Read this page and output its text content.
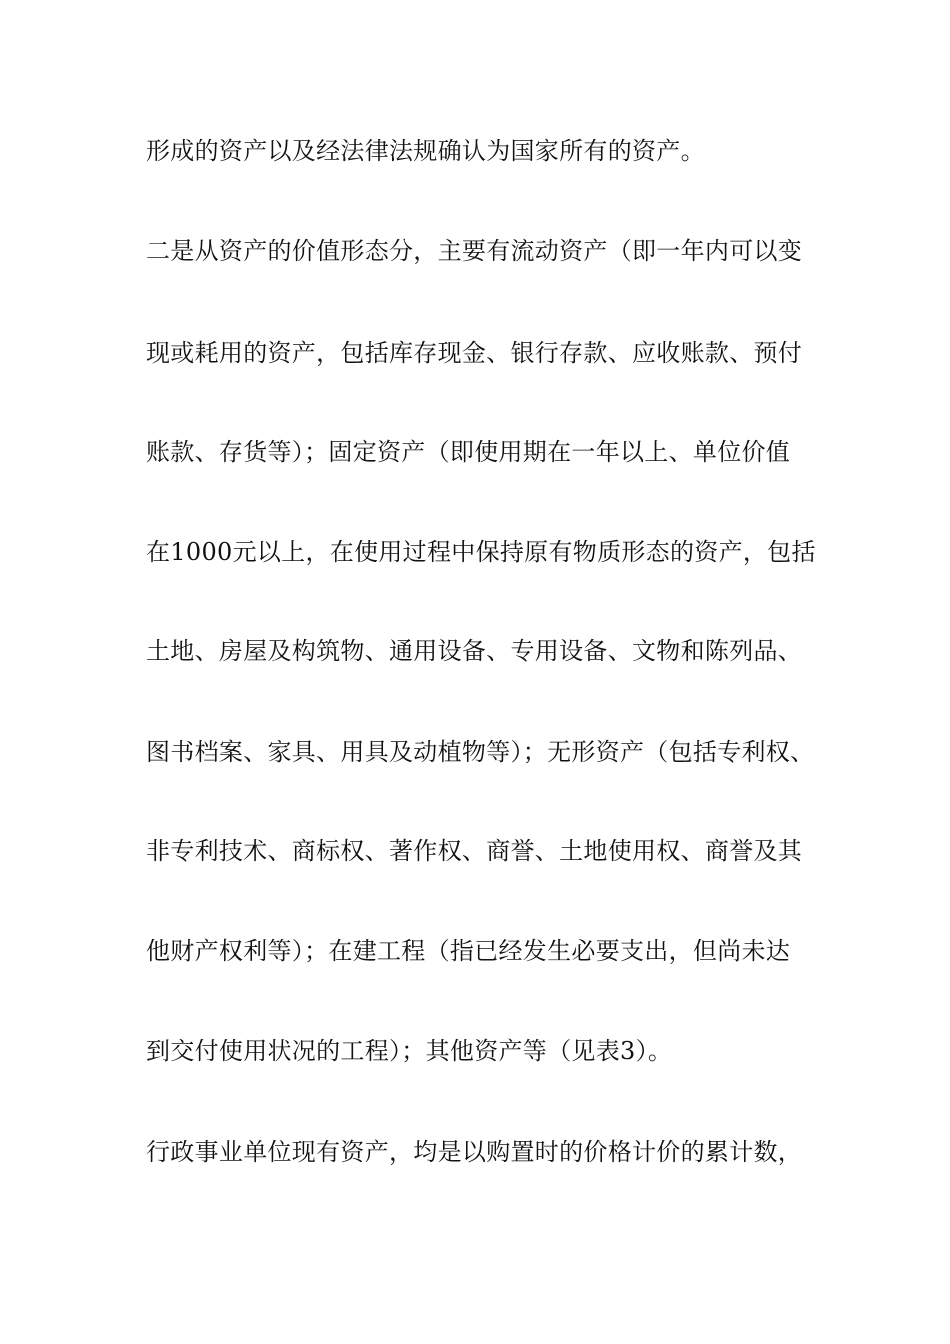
形成的资产以及经法律法规确认为国家所有的资产。
二是从资产的价值形态分，主要有流动资产（即一年内可以变
现或耗用的资产，包括库存现金、银行存款、应收账款、预付
账款、存货等）；固定资产（即使用期在一年以上、单位价值
在1000元以上，在使用过程中保持原有物质形态的资产，包括
土地、房屋及构筑物、通用设备、专用设备、文物和陈列品、
图书档案、家具、用具及动植物等）；无形资产（包括专利权、
非专利技术、商标权、著作权、商誉、土地使用权、商誉及其
他财产权利等）；在建工程（指已经发生必要支出，但尚未达
到交付使用状况的工程）；其他资产等（见表3）。
行政事业单位现有资产，均是以购置时的价格计价的累计数，
